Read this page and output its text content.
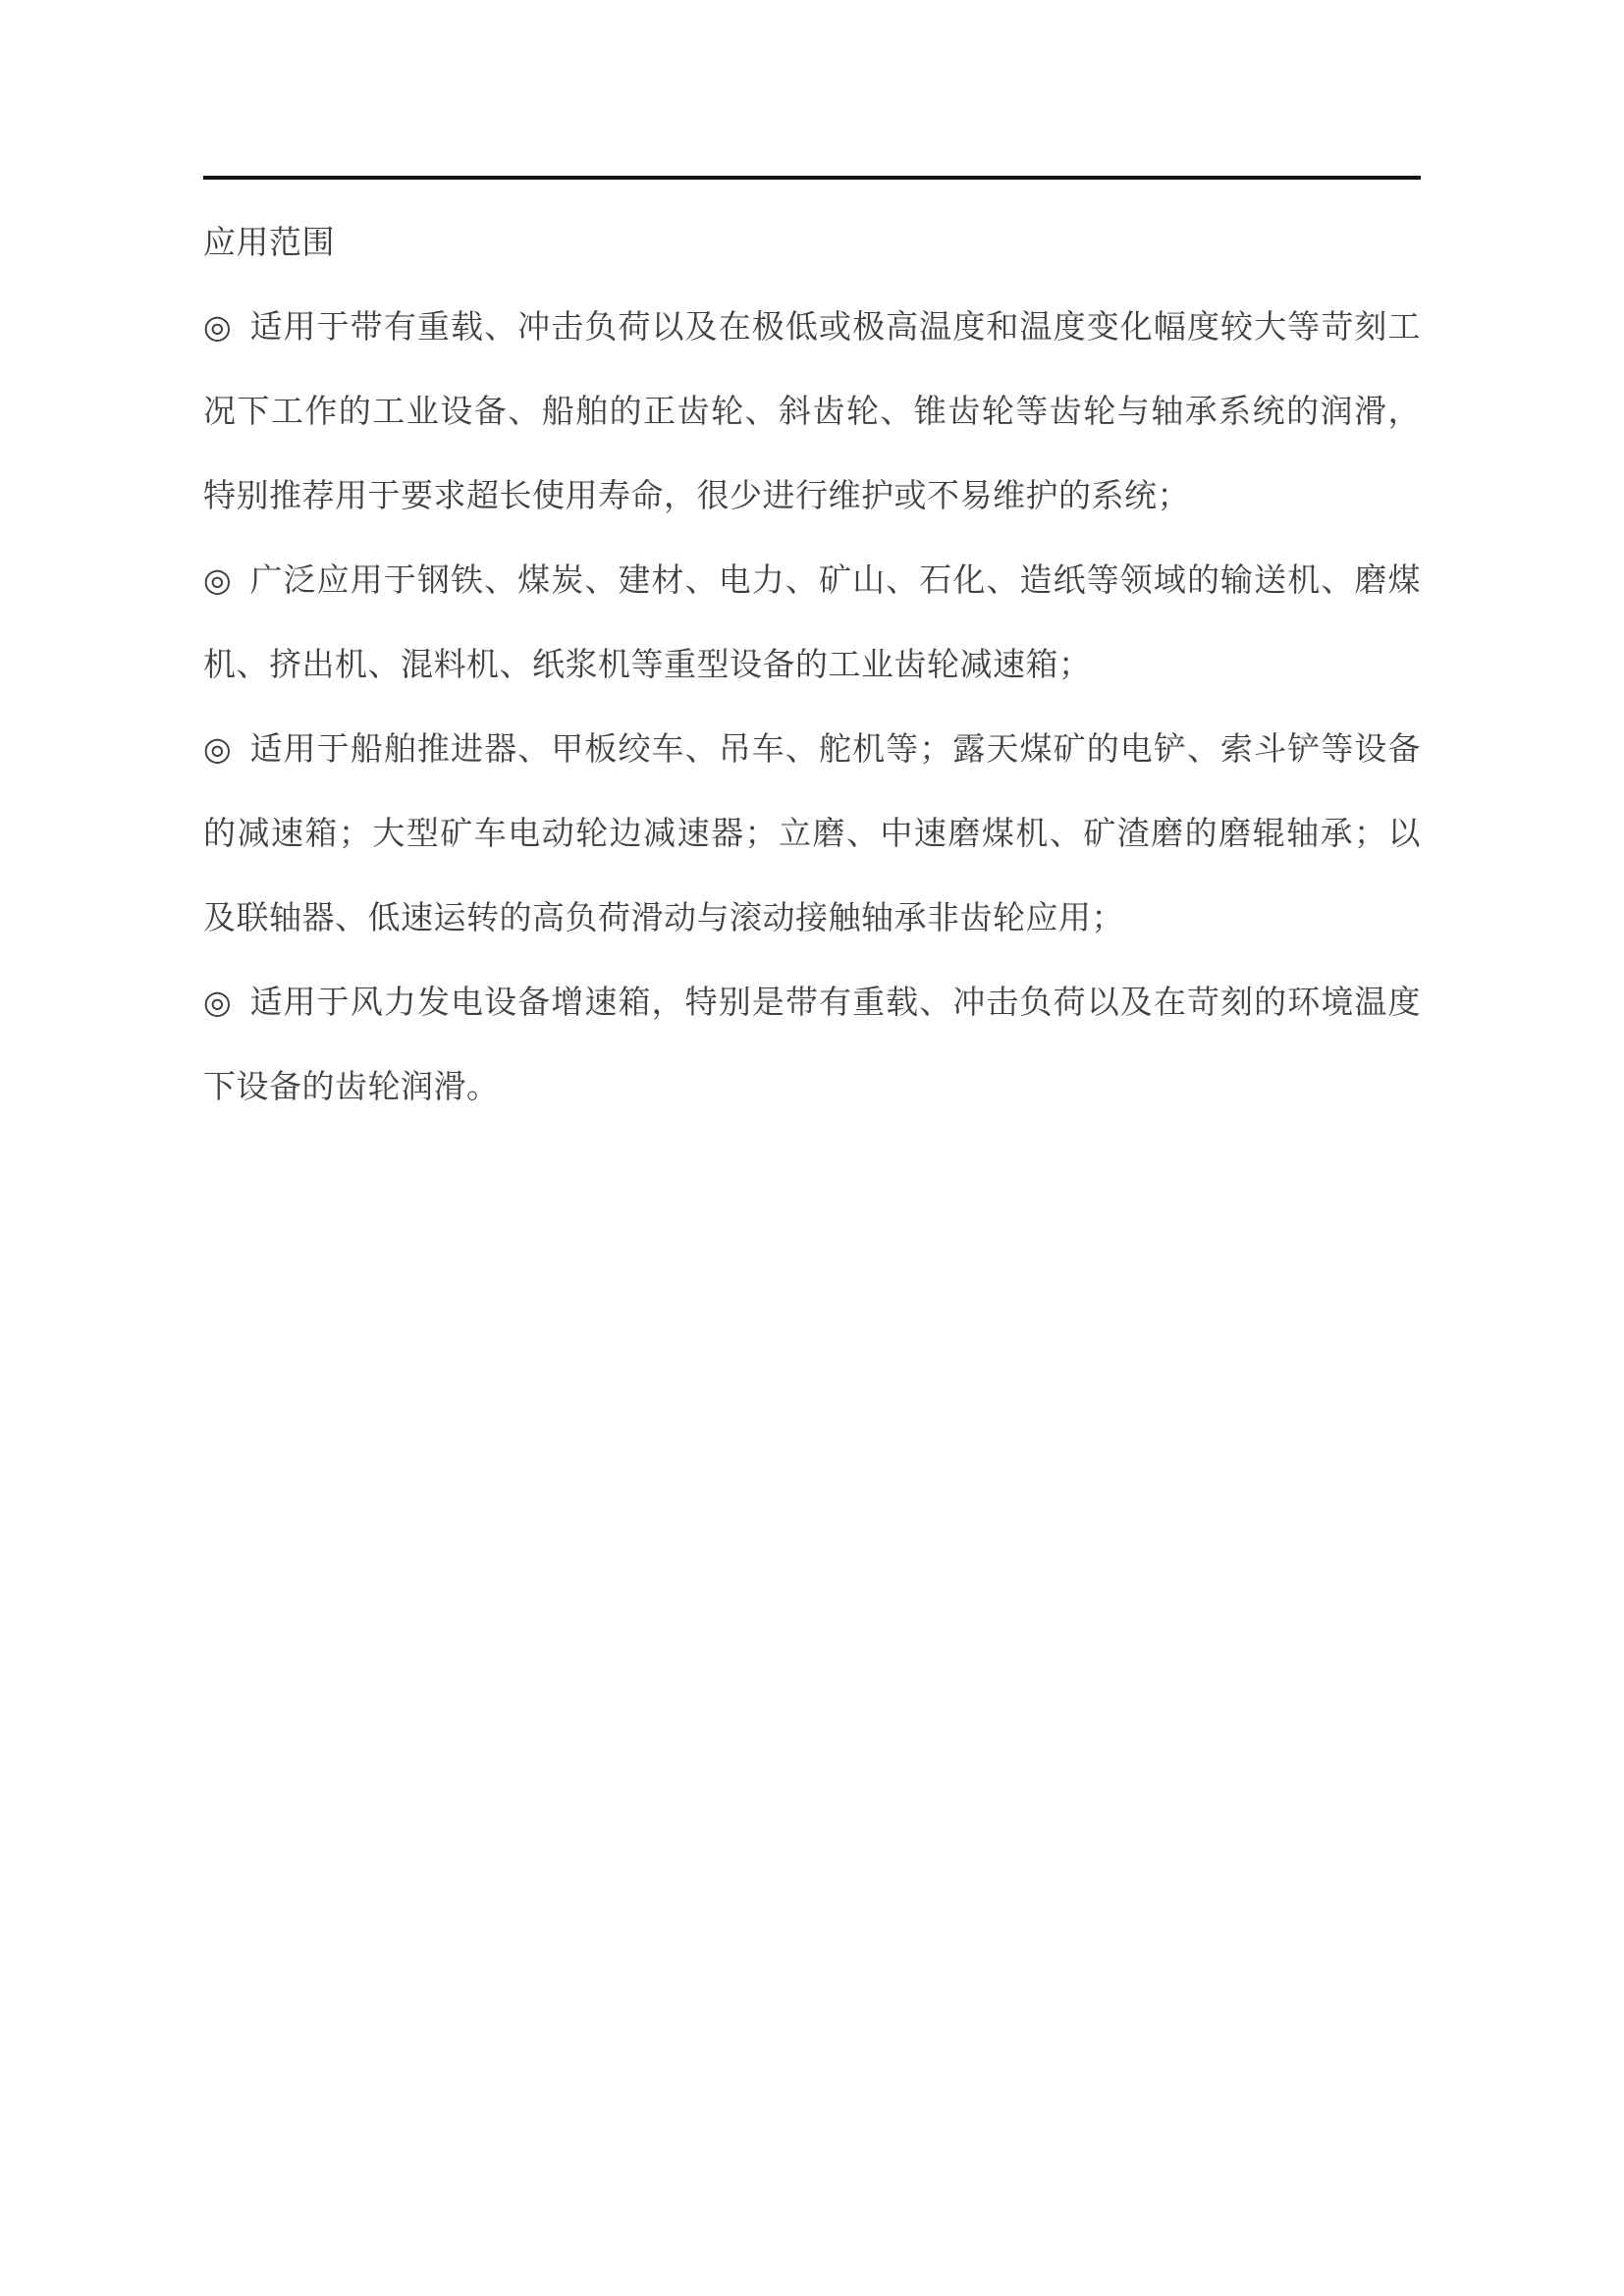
应用范围
◎ 适用于带有重载、冲击负荷以及在极低或极高温度和温度变化幅度较大等苛刻工
况下工作的工业设备、船舶的正齿轮、斜齿轮、锥齿轮等齿轮与轴承系统的润滑，
特别推荐用于要求超长使用寿命，很少进行维护或不易维护的系统；
◎ 广泛应用于钢铁、煤炭、建材、电力、矿山、石化、造纸等领域的输送机、磨煤
机、挤出机、混料机、纸浆机等重型设备的工业齿轮减速箱；
◎ 适用于船舶推进器、甲板绞车、吊车、舵机等；露天煤矿的电铲、索斗铲等设备
的减速箱；大型矿车电动轮边减速器；立磨、中速磨煤机、矿渣磨的磨辊轴承；以
及联轴器、低速运转的高负荷滑动与滚动接触轴承非齿轮应用；
◎ 适用于风力发电设备增速箱，特别是带有重载、冲击负荷以及在苛刻的环境温度
下设备的齿轮润滑。
